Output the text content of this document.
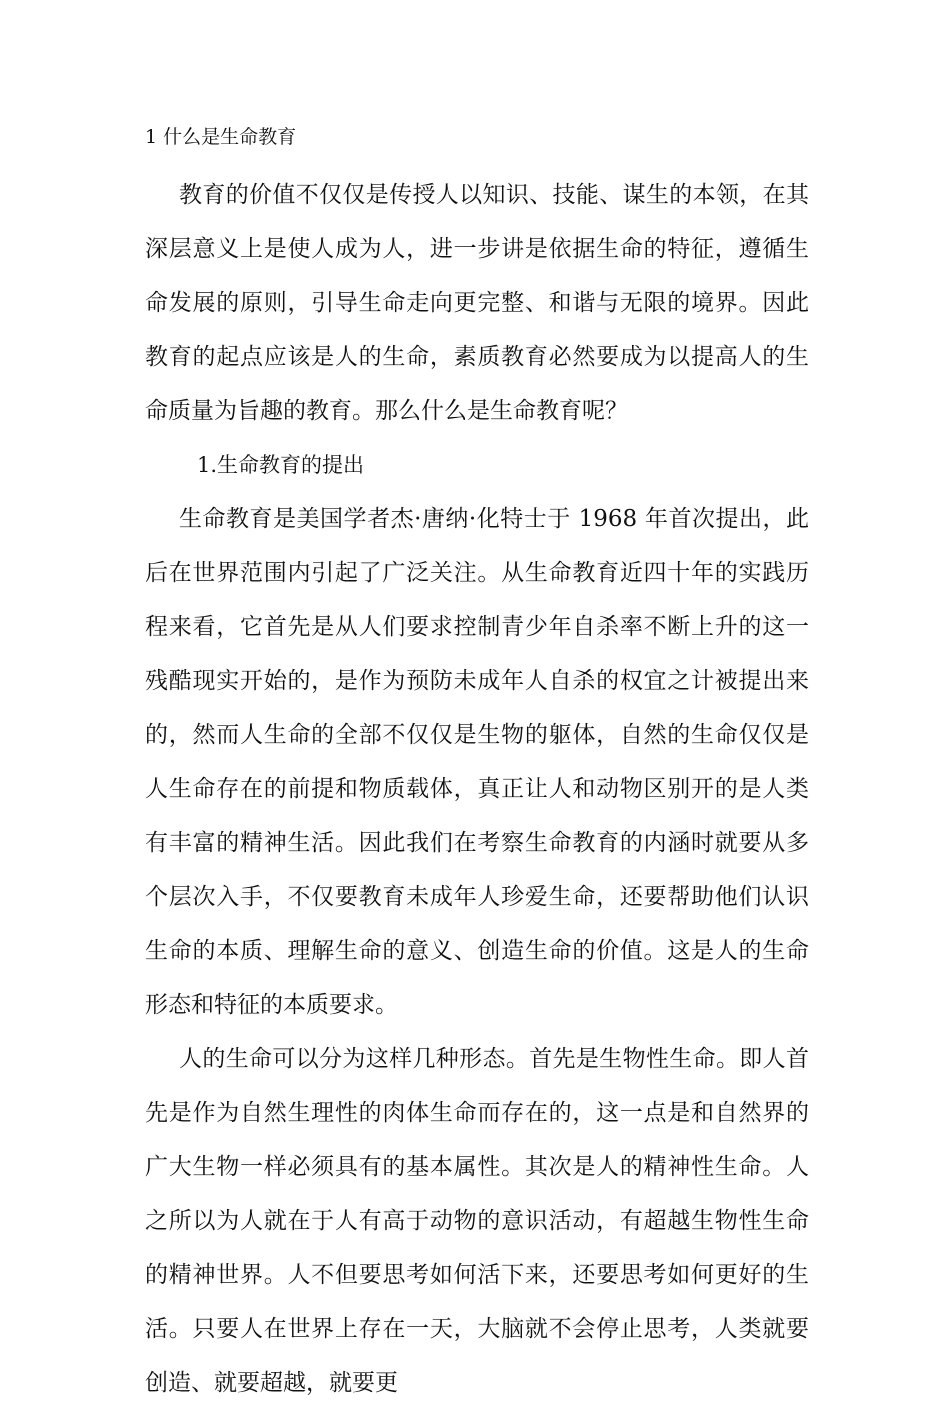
1 什么是生命教育

教育的价值不仅仅是传授人以知识、技能、谋生的本领，在其深层意义上是使人成为人，进一步讲是依据生命的特征，遵循生命发展的原则，引导生命走向更完整、和谐与无限的境界。因此教育的起点应该是人的生命，素质教育必然要成为以提高人的生命质量为旨趣的教育。那么什么是生命教育呢？

1.生命教育的提出

生命教育是美国学者杰·唐纳·化特士于 1968 年首次提出，此后在世界范围内引起了广泛关注。从生命教育近四十年的实践历程来看，它首先是从人们要求控制青少年自杀率不断上升的这一残酷现实开始的，是作为预防未成年人自杀的权宜之计被提出来的，然而人生命的全部不仅仅是生物的躯体，自然的生命仅仅是人生命存在的前提和物质载体，真正让人和动物区别开的是人类有丰富的精神生活。因此我们在考察生命教育的内涵时就要从多个层次入手，不仅要教育未成年人珍爱生命，还要帮助他们认识生命的本质、理解生命的意义、创造生命的价值。这是人的生命形态和特征的本质要求。

人的生命可以分为这样几种形态。首先是生物性生命。即人首先是作为自然生理性的肉体生命而存在的，这一点是和自然界的广大生物一样必须具有的基本属性。其次是人的精神性生命。人之所以为人就在于人有高于动物的意识活动，有超越生物性生命的精神世界。人不但要思考如何活下来，还要思考如何更好的生活。只要人在世界上存在一天，大脑就不会停止思考，人类就要创造、就要超越，就要更
